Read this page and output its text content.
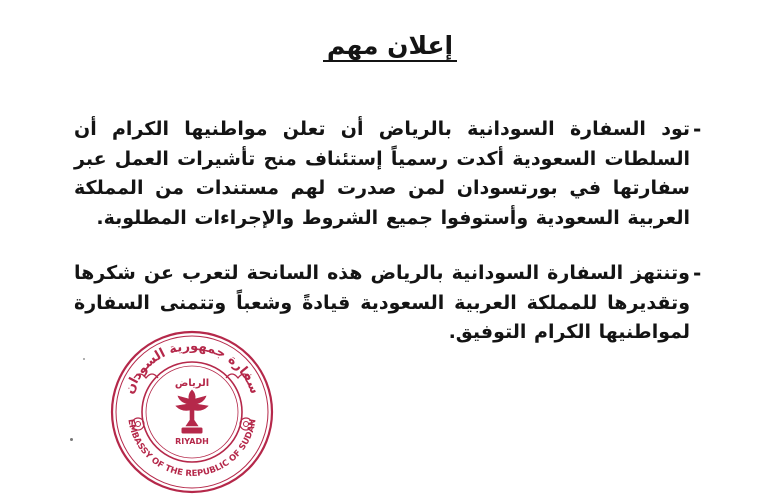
إعلان مهم
-
تود السفارة السودانية بالرياض أن تعلن مواطنيها الكرام أن السلطات السعودية أكدت رسمياً إستئناف منح تأشيرات العمل عبر سفارتها في بورتسودان لمن صدرت لهم مستندات من المملكة العربية السعودية وأستوفوا جميع الشروط والإجراءات المطلوبة.
-
وتنتهز السفارة السودانية بالرياض هذه السانحة لتعرب عن شكرها وتقديرها للمملكة العربية السعودية قيادةً وشعباً وتتمنى السفارة لمواطنيها الكرام التوفيق.
سفارة جمهورية السودان
الرياض
RIYADH
EMBASSY OF THE REPUBLIC OF SUDAN
